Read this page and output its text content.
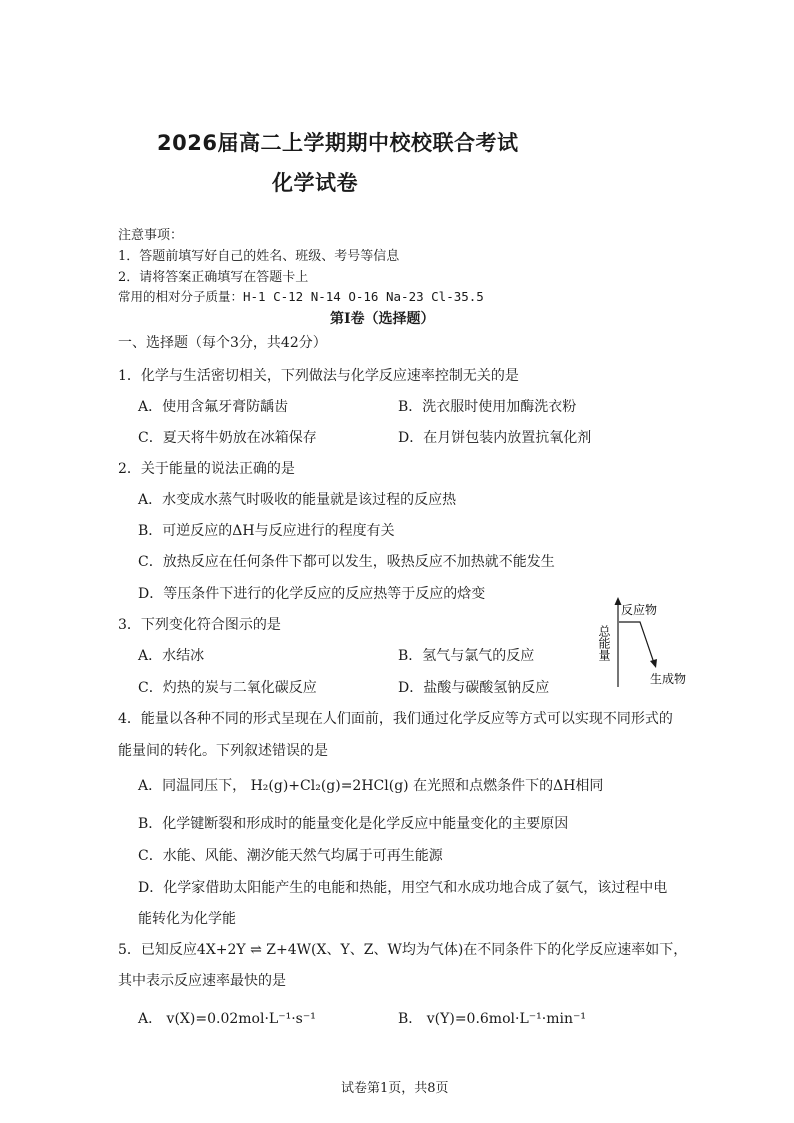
2026届高二上学期期中校校联合考试
化学试卷
注意事项：
1．答题前填写好自己的姓名、班级、考号等信息
2．请将答案正确填写在答题卡上
常用的相对分子质量：H-1 C-12 N-14 O-16 Na-23 Cl-35.5
第Ⅰ卷（选择题）
一、选择题（每个3分，共42分）
1．化学与生活密切相关，下列做法与化学反应速率控制无关的是
A．使用含氟牙膏防龋齿	B．洗衣服时使用加酶洗衣粉
C．夏天将牛奶放在冰箱保存	D．在月饼包装内放置抗氧化剂
2．关于能量的说法正确的是
A．水变成水蒸气时吸收的能量就是该过程的反应热
B．可逆反应的ΔH与反应进行的程度有关
C．放热反应在任何条件下都可以发生，吸热反应不加热就不能发生
D．等压条件下进行的化学反应的反应热等于反应的焓变
3．下列变化符合图示的是
A．水结冰	B．氢气与氯气的反应
C．灼热的炭与二氧化碳反应	D．盐酸与碳酸氢钠反应
总能量
反应物
生成物
4．能量以各种不同的形式呈现在人们面前，我们通过化学反应等方式可以实现不同形式的
能量间的转化。下列叙述错误的是
A．同温同压下， H₂(g)+Cl₂(g)=2HCl(g) 在光照和点燃条件下的ΔH相同
B．化学键断裂和形成时的能量变化是化学反应中能量变化的主要原因
C．水能、风能、潮汐能天然气均属于可再生能源
D．化学家借助太阳能产生的电能和热能，用空气和水成功地合成了氨气，该过程中电
能转化为化学能
5．已知反应4X+2Y ⇌ Z+4W(X、Y、Z、W均为气体)在不同条件下的化学反应速率如下，
其中表示反应速率最快的是
A． v(X)=0.02mol·L⁻¹·s⁻¹	B． v(Y)=0.6mol·L⁻¹·min⁻¹
试卷第1页，共8页
